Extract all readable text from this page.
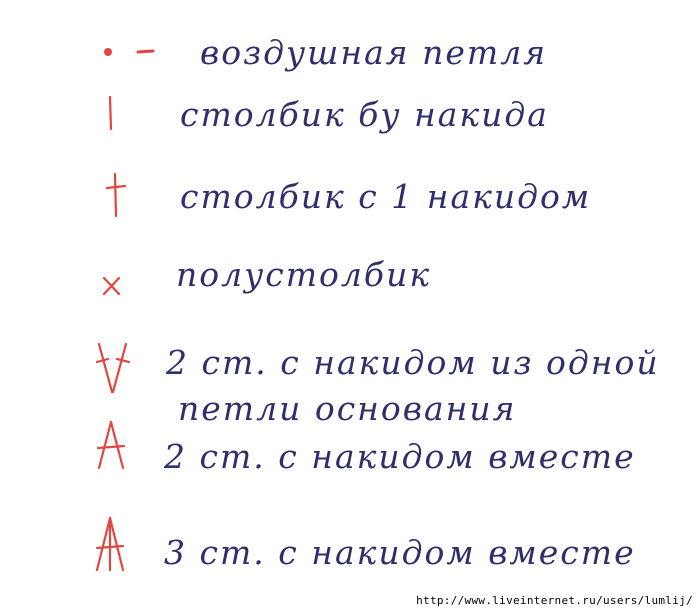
воздушная петля
столбик бу накида
столбик с 1 накидом
полустолбик
2 ст. с накидом из одной
петли основания
2 ст. с накидом вместе
3 ст. с накидом вместе
http://www.liveinternet.ru/users/lumlij/
